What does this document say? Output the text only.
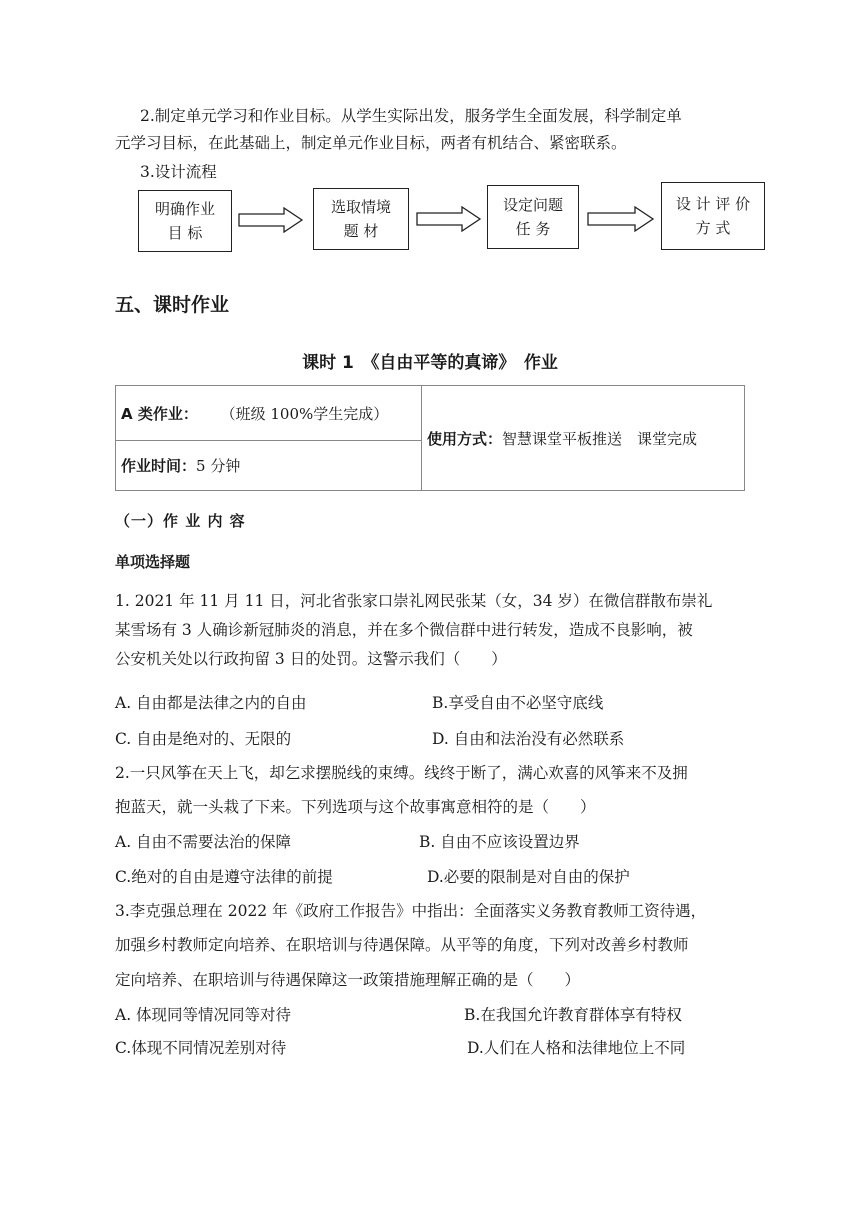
2.制定单元学习和作业目标。从学生实际出发，服务学生全面发展，科学制定单
元学习目标，在此基础上，制定单元作业目标，两者有机结合、紧密联系。
3.设计流程
明确作业
目 标
选取情境
题 材
设定问题
任 务
设 计 评 价
方 式
五、课时作业
课时 1　《自由平等的真谛》　作业
A 类作业： （班级 100%学生完成）	使用方式：智慧课堂平板推送　课堂完成
作业时间：5 分钟
（一）作 业 内 容
单项选择题
1. 2021 年 11 月 11 日，河北省张家口崇礼网民张某（女，34 岁）在微信群散布崇礼
某雪场有 3 人确诊新冠肺炎的消息，并在多个微信群中进行转发，造成不良影响，被
公安机关处以行政拘留 3 日的处罚。这警示我们（　　）
A. 自由都是法律之内的自由	B.享受自由不必坚守底线
C. 自由是绝对的、无限的	D. 自由和法治没有必然联系
2.一只风筝在天上飞，却乞求摆脱线的束缚。线终于断了，满心欢喜的风筝来不及拥
抱蓝天，就一头栽了下来。下列选项与这个故事寓意相符的是（　　）
A. 自由不需要法治的保障	B. 自由不应该设置边界
C.绝对的自由是遵守法律的前提	D.必要的限制是对自由的保护
3.李克强总理在 2022 年《政府工作报告》中指出：全面落实义务教育教师工资待遇，
加强乡村教师定向培养、在职培训与待遇保障。从平等的角度，下列对改善乡村教师
定向培养、在职培训与待遇保障这一政策措施理解正确的是（　　）
A. 体现同等情况同等对待	B.在我国允许教育群体享有特权
C.体现不同情况差别对待	D.人们在人格和法律地位上不同
